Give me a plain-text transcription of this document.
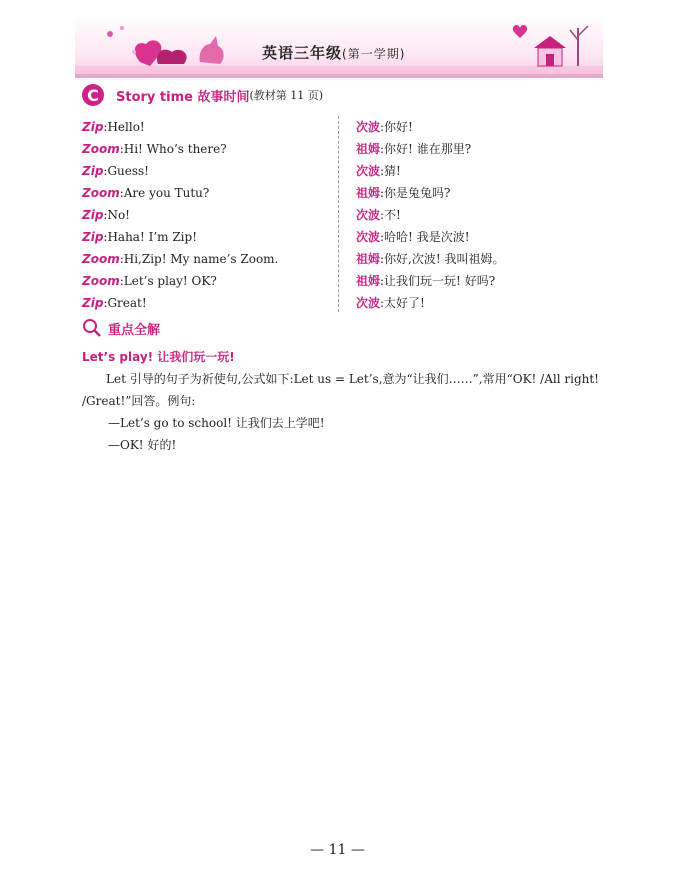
英语三年级(第一学期)
C	Story time 故事时间 (教材第 11 页)
Zip:Hello!
Zoom:Hi! Who’s there?
Zip:Guess!
Zoom:Are you Tutu?
Zip:No!
Zip:Haha! I’m Zip!
Zoom:Hi,Zip! My name’s Zoom.
Zoom:Let’s play! OK?
Zip:Great!
次波:你好!
祖姆:你好! 谁在那里?
次波:猜!
祖姆:你是兔兔吗?
次波:不!
次波:哈哈! 我是次波!
祖姆:你好,次波! 我叫祖姆。
祖姆:让我们玩一玩! 好吗?
次波:太好了!
重点全解
Let’s play! 让我们玩一玩!
Let 引导的句子为祈使句,公式如下:Let us = Let’s,意为“让我们……”,常用“OK! /All right! /Great!”回答。例句:
—Let’s go to school! 让我们去上学吧!
—OK! 好的!
— 11 —
